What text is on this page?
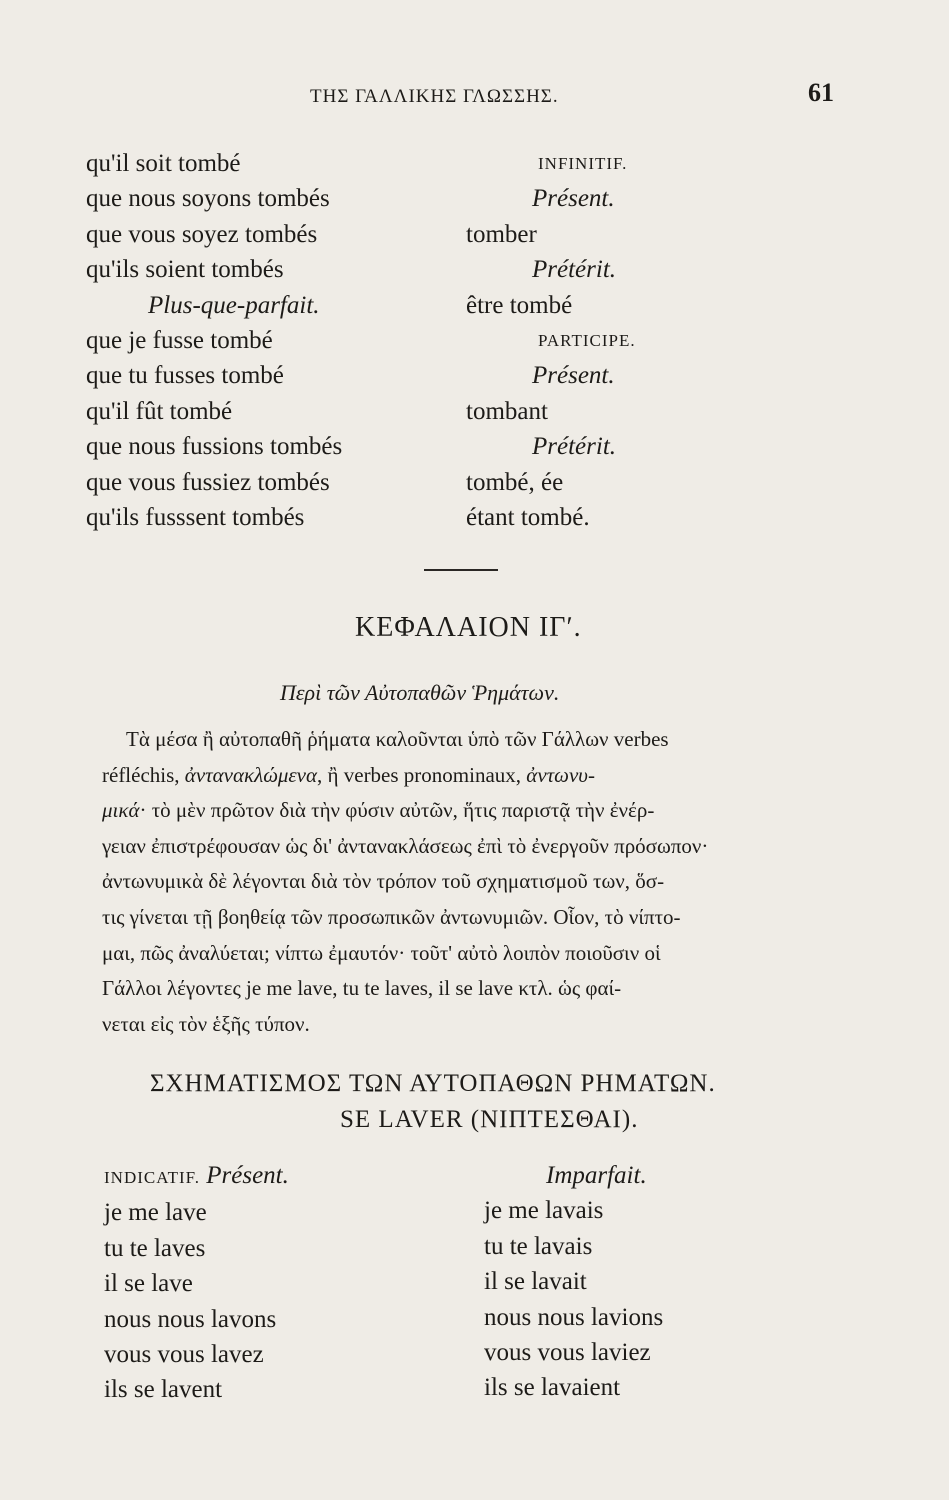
ΤΗΣ ΓΑΛΛΙΚΗΣ ΓΛΩΣΣΗΣ.	61
qu'il soit tombé
que nous soyons tombés
que vous soyez tombés
qu'ils soient tombés
Plus-que-parfait.
que je fusse tombé
que tu fusses tombé
qu'il fût tombé
que nous fussions tombés
que vous fussiez tombés
qu'ils fusssent tombés
INFINITIF.
Présent.
tomber
Prétérit.
être tombé
PARTICIPE.
Présent.
tombant
Prétérit.
tombé, ée
étant tombé.
ΚΕΦΑΛΑΙΟΝ ΙΓʹ.
Περὶ τῶν Αὐτοπαθῶν Ῥημάτων.
Τὰ μέσα ἢ αὐτοπαθῆ ῥήματα καλοῦνται ὑπὸ τῶν Γάλλων verbes
réfléchis, ἀντανακλώμενα, ἢ verbes pronominaux, ἀντωνυ-
μικά· τὸ μὲν πρῶτον διὰ τὴν φύσιν αὐτῶν, ἥτις παριστᾷ τὴν ἐνέρ-
γειαν ἐπιστρέφουσαν ὡς δι' ἀντανακλάσεως ἐπὶ τὸ ἐνεργοῦν πρόσωπον·
ἀντωνυμικὰ δὲ λέγονται διὰ τὸν τρόπον τοῦ σχηματισμοῦ των, ὅσ-
τις γίνεται τῇ βοηθείᾳ τῶν προσωπικῶν ἀντωνυμιῶν. Οἷον, τὸ νίπτο-
μαι, πῶς ἀναλύεται; νίπτω ἐμαυτόν· τοῦτ' αὐτὸ λοιπὸν ποιοῦσιν οἱ
Γάλλοι λέγοντες je me lave, tu te laves, il se lave κτλ. ὡς φαί-
νεται εἰς τὸν ἑξῆς τύπον.
ΣΧΗΜΑΤΙΣΜΟΣ ΤΩΝ ΑΥΤΟΠΑΘΩΝ ΡΗΜΑΤΩΝ.
SE LAVER (ΝΙΠΤΕΣΘΑΙ).
INDICATIF. Présent.
je me lave
tu te laves
il se lave
nous nous lavons
vous vous lavez
ils se lavent
Imparfait.
je me lavais
tu te lavais
il se lavait
nous nous lavions
vous vous laviez
ils se lavaient
